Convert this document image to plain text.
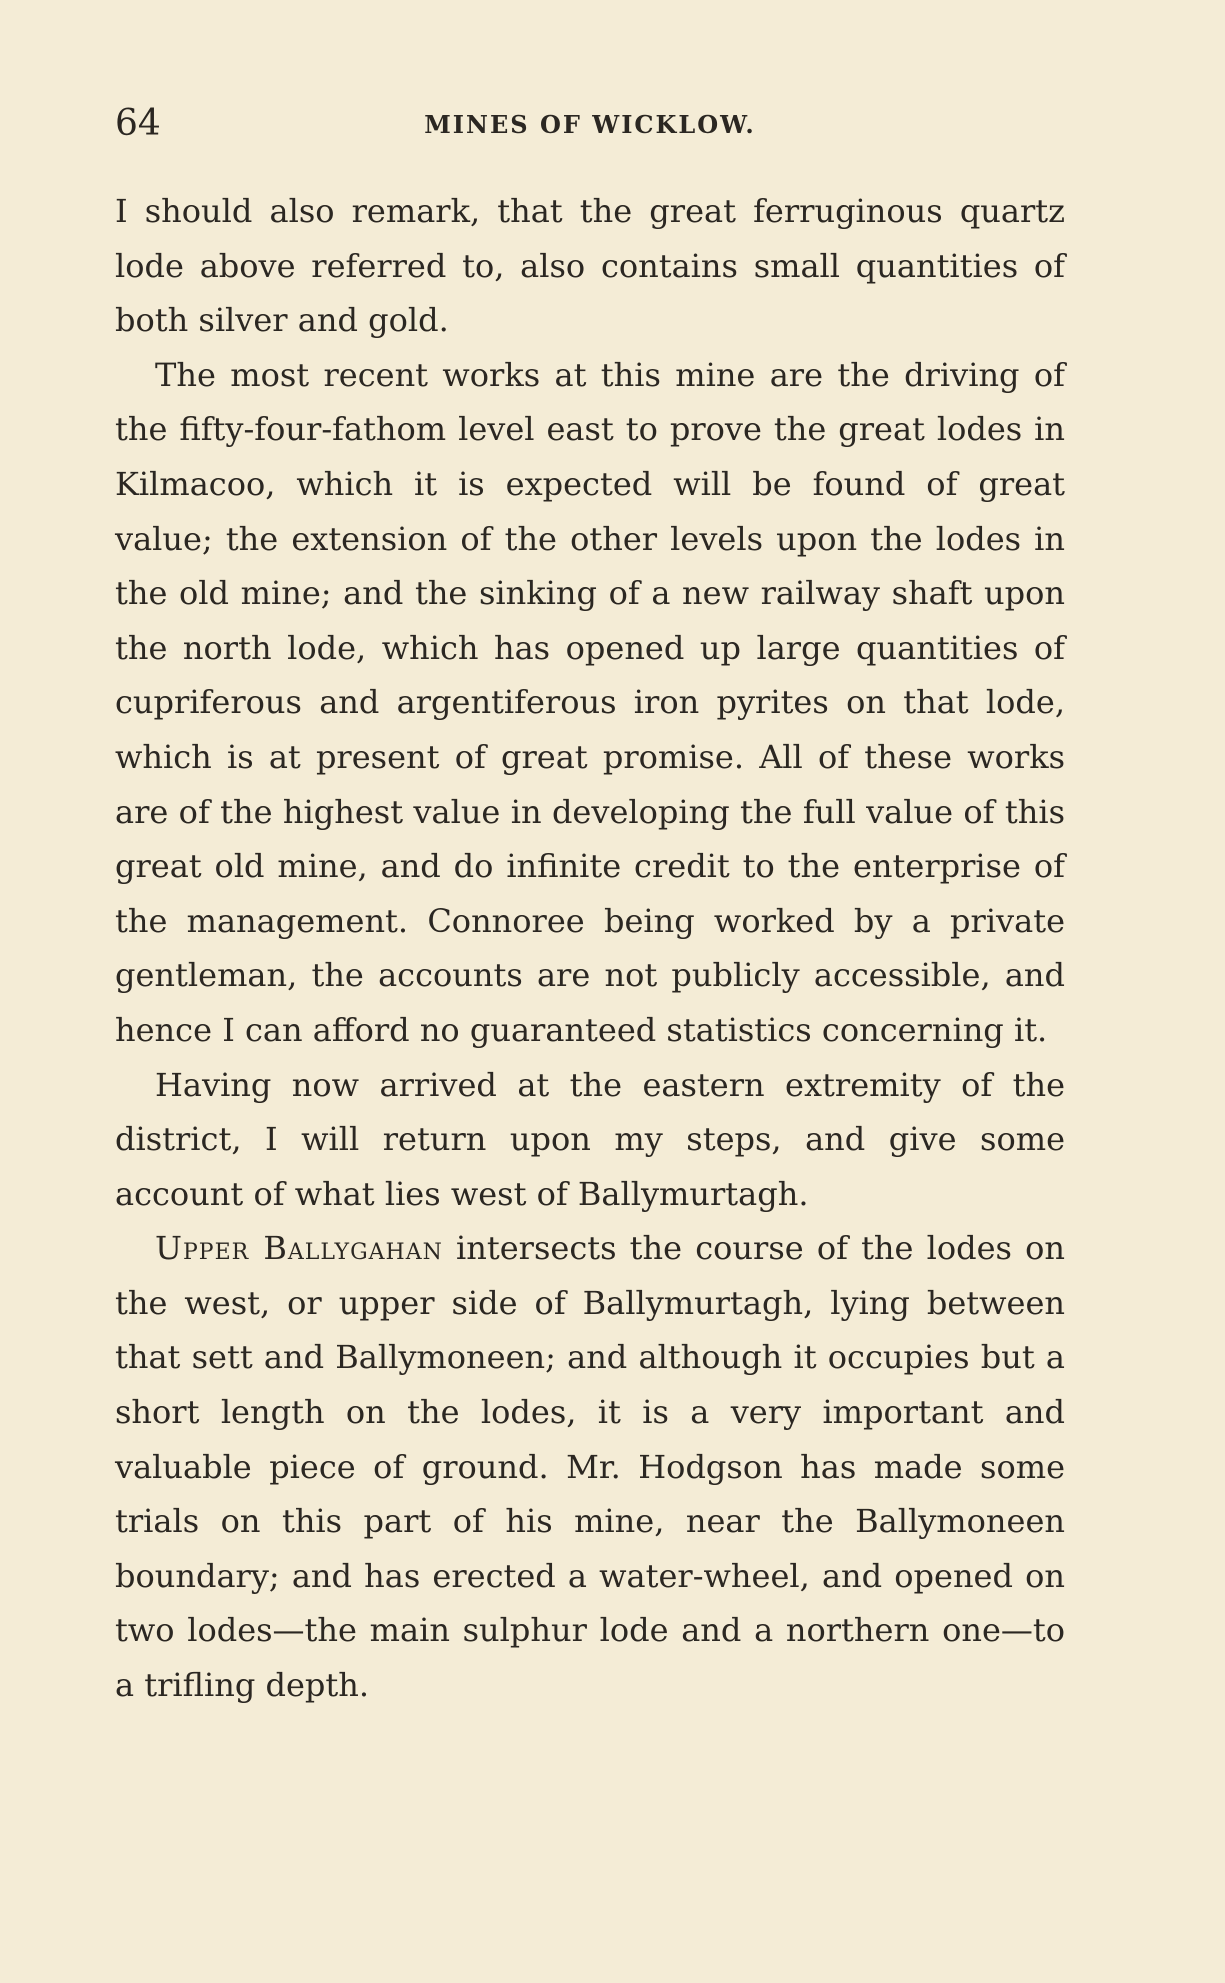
64	MINES OF WICKLOW.

I should also remark, that the great ferruginous quartz lode above referred to, also contains small quantities of both silver and gold.

The most recent works at this mine are the driving of the fifty-four-fathom level east to prove the great lodes in Kilmacoo, which it is expected will be found of great value; the extension of the other levels upon the lodes in the old mine; and the sinking of a new railway shaft upon the north lode, which has opened up large quantities of cupriferous and argentiferous iron pyrites on that lode, which is at present of great promise. All of these works are of the highest value in developing the full value of this great old mine, and do infinite credit to the enterprise of the management. Connoree being worked by a private gentleman, the accounts are not publicly accessible, and hence I can afford no guaranteed statistics concerning it.

Having now arrived at the eastern extremity of the district, I will return upon my steps, and give some account of what lies west of Ballymurtagh.

Upper Ballygahan intersects the course of the lodes on the west, or upper side of Ballymurtagh, lying between that sett and Ballymoneen; and although it occupies but a short length on the lodes, it is a very important and valuable piece of ground. Mr. Hodgson has made some trials on this part of his mine, near the Ballymoneen boundary; and has erected a water-wheel, and opened on two lodes—the main sulphur lode and a northern one—to a trifling depth.
